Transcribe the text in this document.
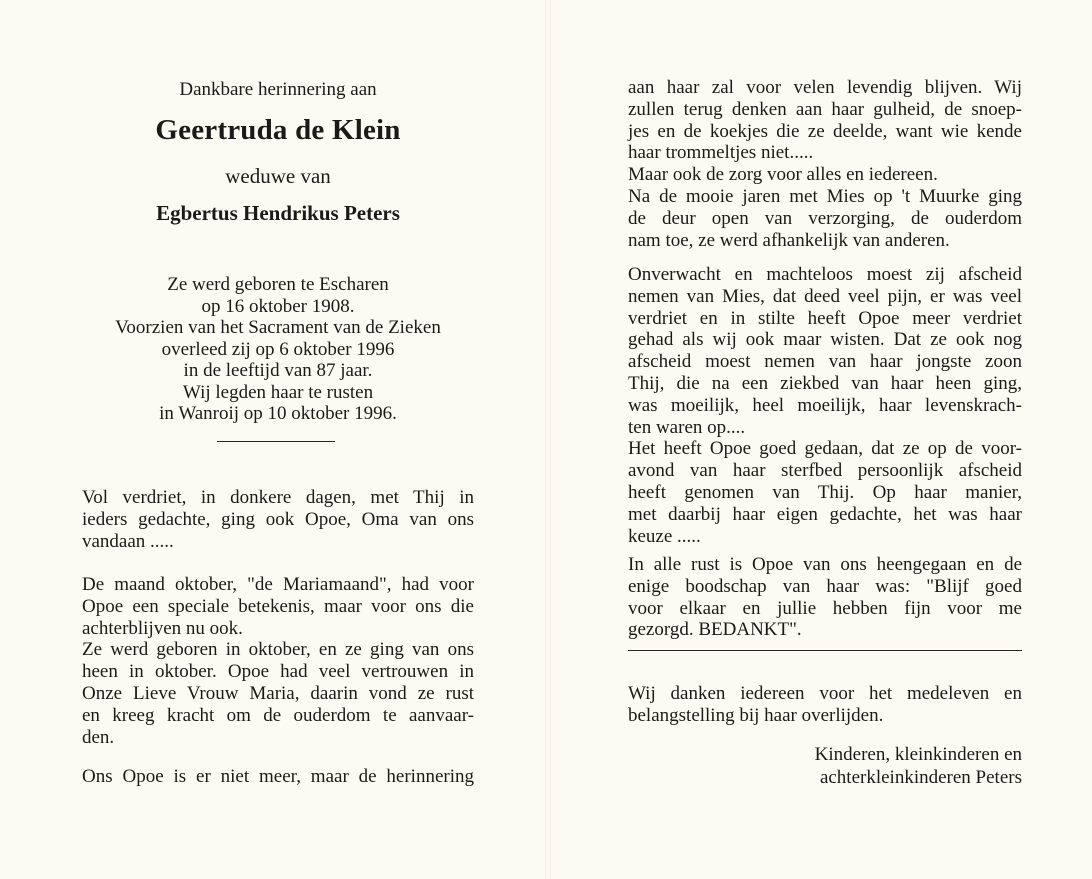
Dankbare herinnering aan
Geertruda de Klein
weduwe van
Egbertus Hendrikus Peters
Ze werd geboren te Escharen
op 16 oktober 1908.
Voorzien van het Sacrament van de Zieken
overleed zij op 6 oktober 1996
in de leeftijd van 87 jaar.
Wij legden haar te rusten
in Wanroij op 10 oktober 1996.
Vol verdriet, in donkere dagen, met Thij in
ieders gedachte, ging ook Opoe, Oma van ons
vandaan .....
De maand oktober, "de Mariamaand", had voor
Opoe een speciale betekenis, maar voor ons die
achterblijven nu ook.
Ze werd geboren in oktober, en ze ging van ons
heen in oktober. Opoe had veel vertrouwen in
Onze Lieve Vrouw Maria, daarin vond ze rust
en kreeg kracht om de ouderdom te aanvaar-
den.
Ons Opoe is er niet meer, maar de herinnering
aan haar zal voor velen levendig blijven. Wij
zullen terug denken aan haar gulheid, de snoep-
jes en de koekjes die ze deelde, want wie kende
haar trommeltjes niet.....
Maar ook de zorg voor alles en iedereen.
Na de mooie jaren met Mies op 't Muurke ging
de deur open van verzorging, de ouderdom
nam toe, ze werd afhankelijk van anderen.
Onverwacht en machteloos moest zij afscheid
nemen van Mies, dat deed veel pijn, er was veel
verdriet en in stilte heeft Opoe meer verdriet
gehad als wij ook maar wisten. Dat ze ook nog
afscheid moest nemen van haar jongste zoon
Thij, die na een ziekbed van haar heen ging,
was moeilijk, heel moeilijk, haar levenskrach-
ten waren op....
Het heeft Opoe goed gedaan, dat ze op de voor-
avond van haar sterfbed persoonlijk afscheid
heeft genomen van Thij. Op haar manier,
met daarbij haar eigen gedachte, het was haar
keuze .....
In alle rust is Opoe van ons heengegaan en de
enige boodschap van haar was: "Blijf goed
voor elkaar en jullie hebben fijn voor me
gezorgd. BEDANKT".
Wij danken iedereen voor het medeleven en
belangstelling bij haar overlijden.
Kinderen, kleinkinderen en
achterkleinkinderen Peters
